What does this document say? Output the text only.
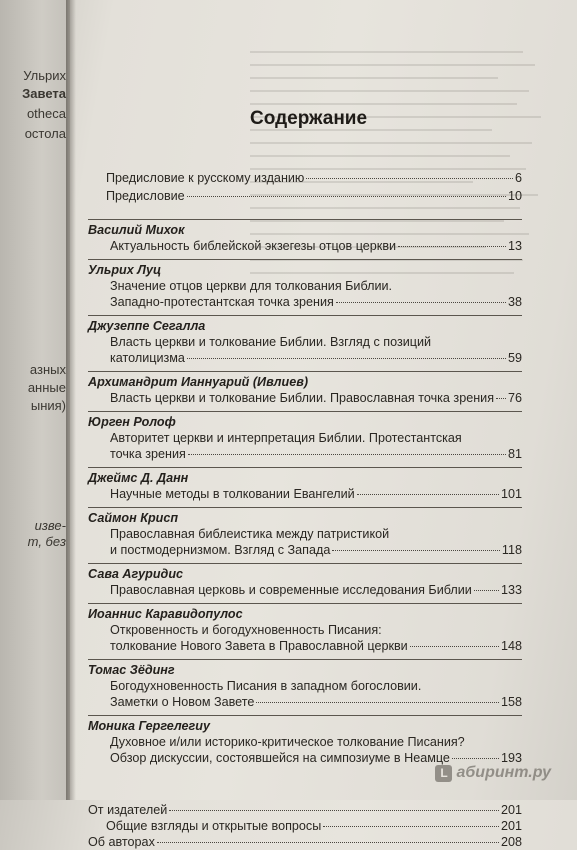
Ульрих
Завета
otheca
остола
азных
анные
ыния)
изве-
т, без
Содержание
Предисловие к русскому изданию	6
Предисловие	10
Василий Михок
Актуальность библейской экзегезы отцов церкви	13
Ульрих Луц
Значение отцов церкви для толкования Библии.
Западно-протестантская точка зрения	38
Джузеппе Сегалла
Власть церкви и толкование Библии. Взгляд с позиций
католицизма	59
Архимандрит Ианнуарий (Ивлиев)
Власть церкви и толкование Библии. Православная точка зрения 76
Юрген Ролоф
Авторитет церкви и интерпретация Библии. Протестантская
точка зрения	81
Джеймс Д. Данн
Научные методы в толковании Евангелий	101
Саймон Крисп
Православная библеистика между патристикой
и постмодернизмом. Взгляд с Запада	118
Сава Агуридис
Православная церковь и современные исследования Библии 133
Иоаннис Каравидопулос
Откровенность и богодухновенность Писания:
толкование Нового Завета в Православной церкви	148
Томас Зёдинг
Богодухновенность Писания в западном богословии.
Заметки о Новом Завете	158
Моника Гергелегиу
Духовное и/или историко-критическое толкование Писания?
Обзор дискуссии, состоявшейся на симпозиуме в Неамце	193
От издателей	201
Общие взгляды и открытые вопросы	201
Об авторах	208
L абиринт.ру
